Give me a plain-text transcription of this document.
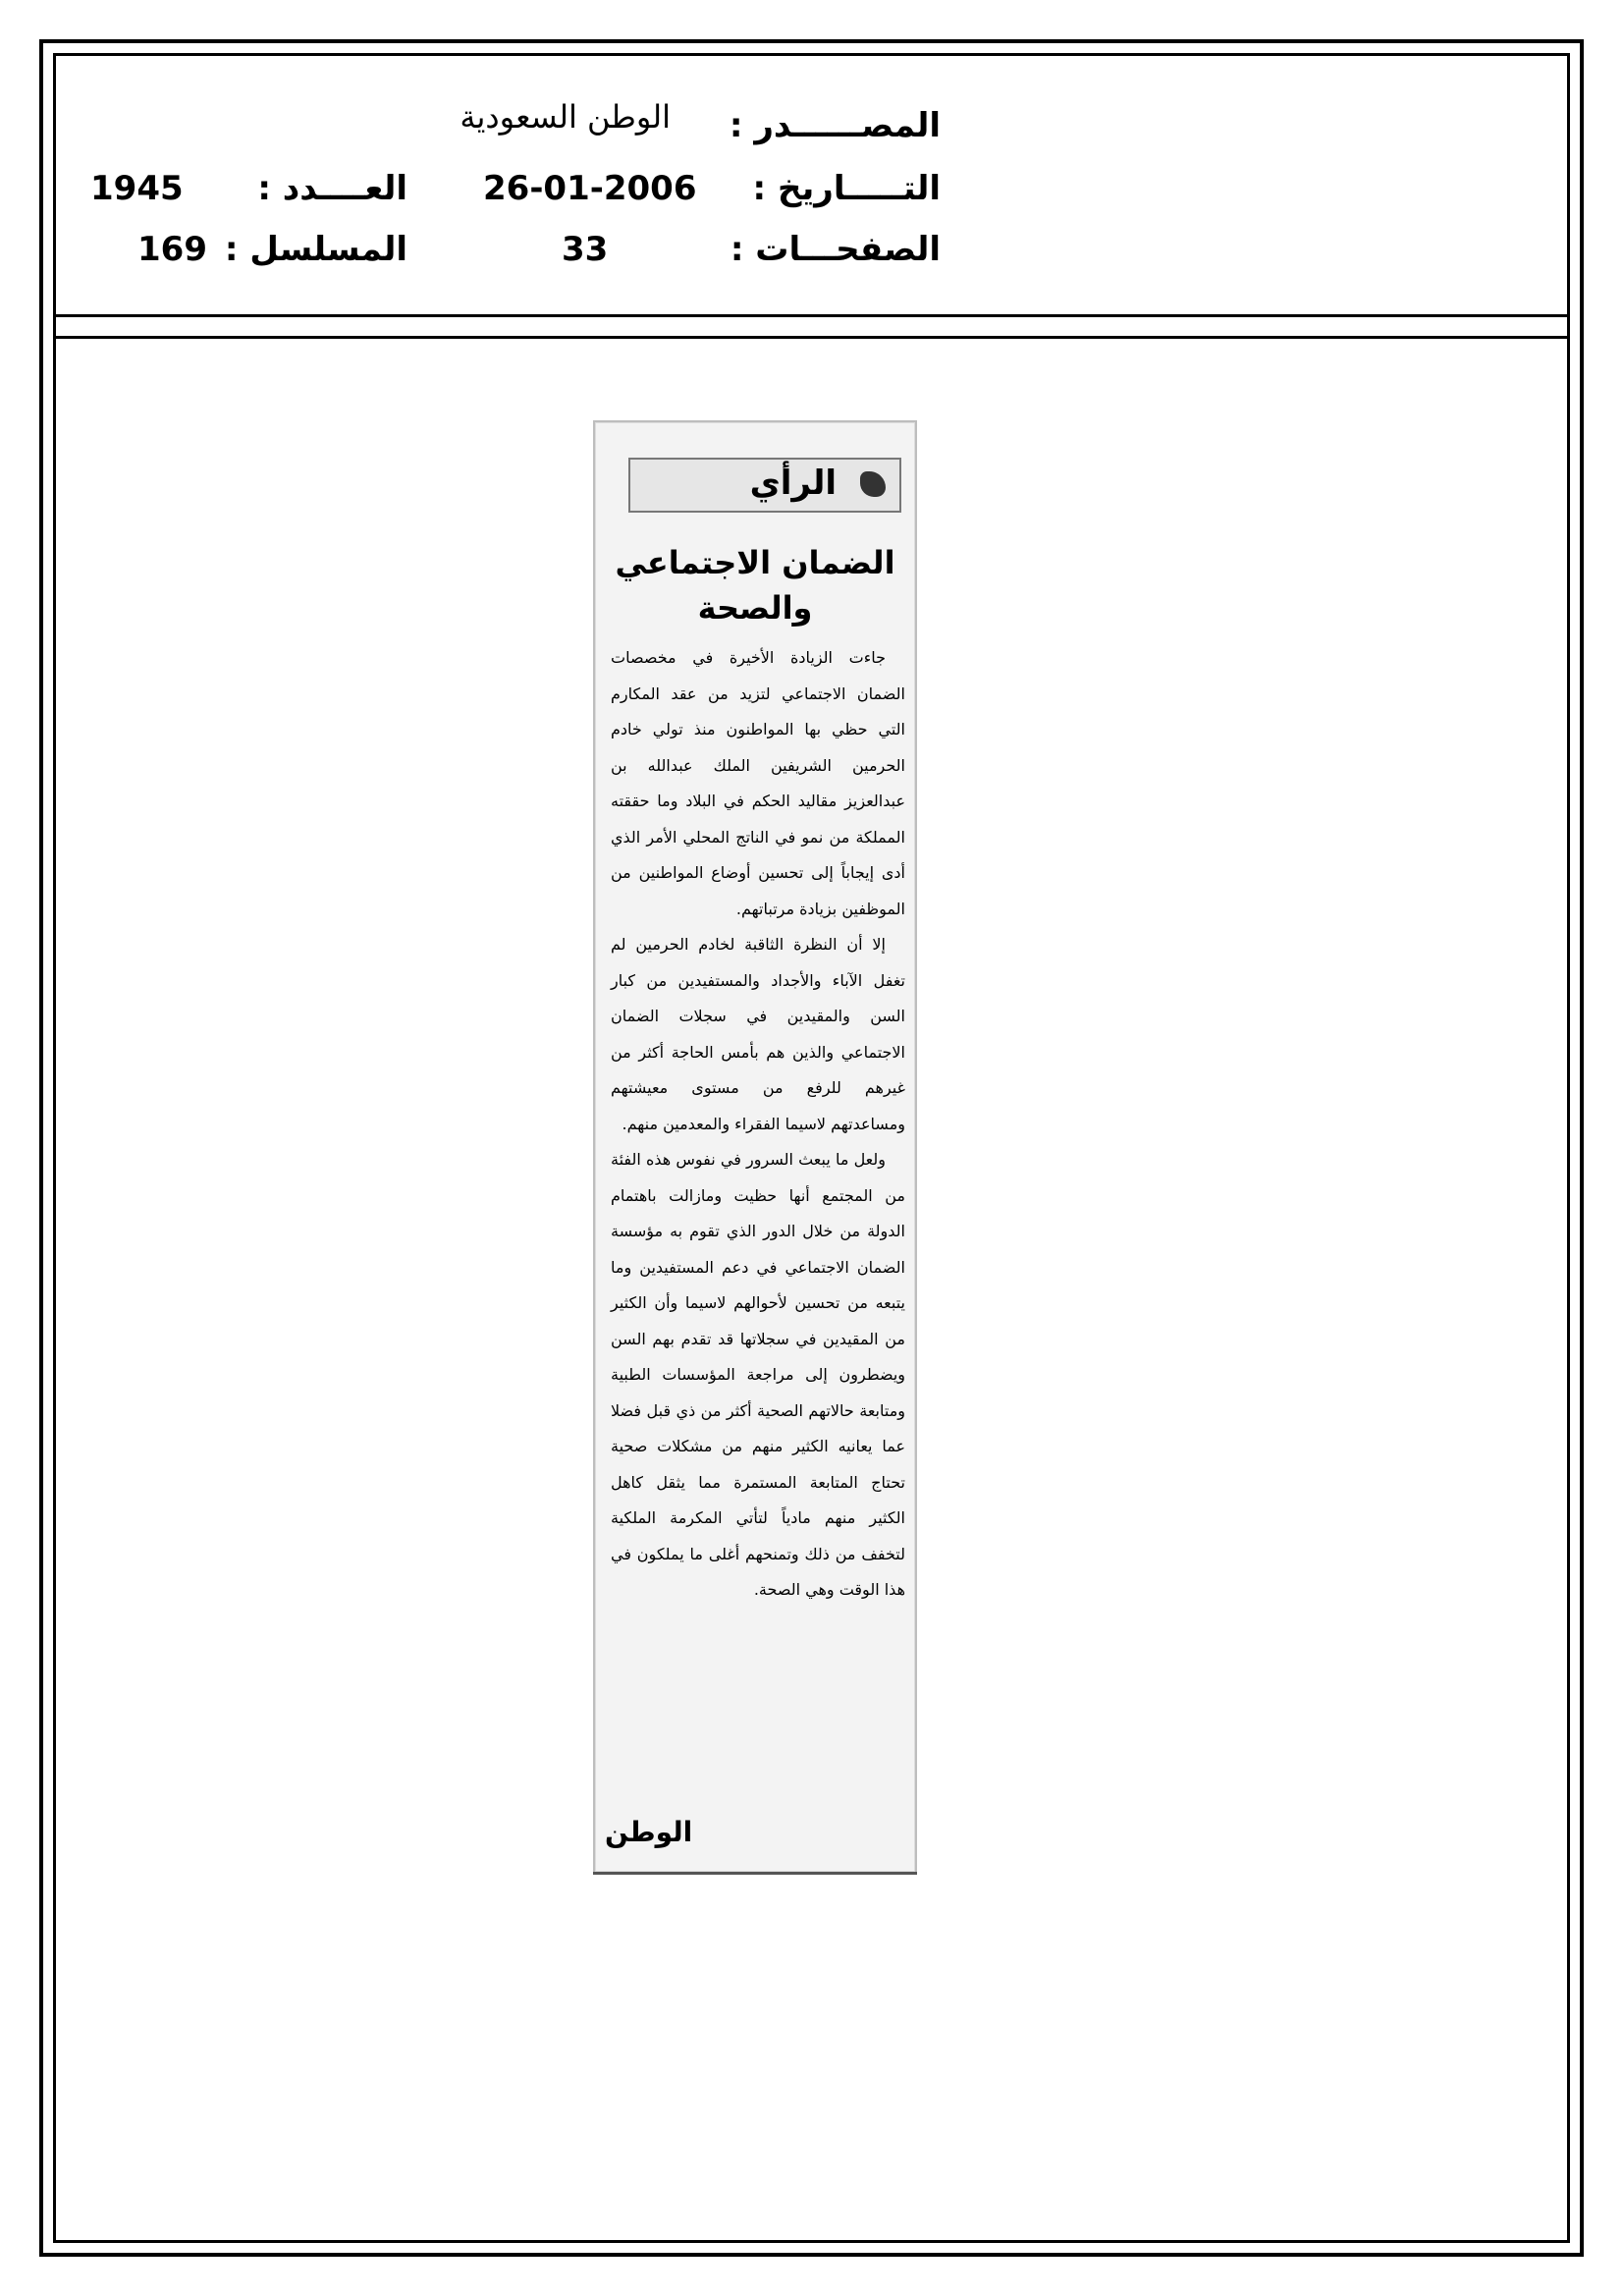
المصــــــدر :
الوطن السعودية
التـــــاريخ :
26-01-2006
العــــدد :
1945
الصفحـــات :
33
المسلسل :
169
الرأي
الضمان الاجتماعي
والصحة

جاءت الزيادة الأخيرة في مخصصات الضمان الاجتماعي لتزيد من عقد المكارم التي حظي بها المواطنون منذ تولي خادم الحرمين الشريفين الملك عبدالله بن عبدالعزيز مقاليد الحكم في البلاد وما حققته المملكة من نمو في الناتج المحلي الأمر الذي أدى إيجاباً إلى تحسين أوضاع المواطنين من الموظفين بزيادة مرتباتهم.

إلا أن النظرة الثاقبة لخادم الحرمين لم تغفل الآباء والأجداد والمستفيدين من كبار السن والمقيدين في سجلات الضمان الاجتماعي والذين هم بأمس الحاجة أكثر من غيرهم للرفع من مستوى معيشتهم ومساعدتهم لاسيما الفقراء والمعدمين منهم.

ولعل ما يبعث السرور في نفوس هذه الفئة من المجتمع أنها حظيت ومازالت باهتمام الدولة من خلال الدور الذي تقوم به مؤسسة الضمان الاجتماعي في دعم المستفيدين وما يتبعه من تحسين لأحوالهم لاسيما وأن الكثير من المقيدين في سجلاتها قد تقدم بهم السن ويضطرون إلى مراجعة المؤسسات الطبية ومتابعة حالاتهم الصحية أكثر من ذي قبل فضلا عما يعانيه الكثير منهم من مشكلات صحية تحتاج المتابعة المستمرة مما يثقل كاهل الكثير منهم مادياً لتأتي المكرمة الملكية لتخفف من ذلك وتمنحهم أغلى ما يملكون في هذا الوقت وهي الصحة.

الوطن
